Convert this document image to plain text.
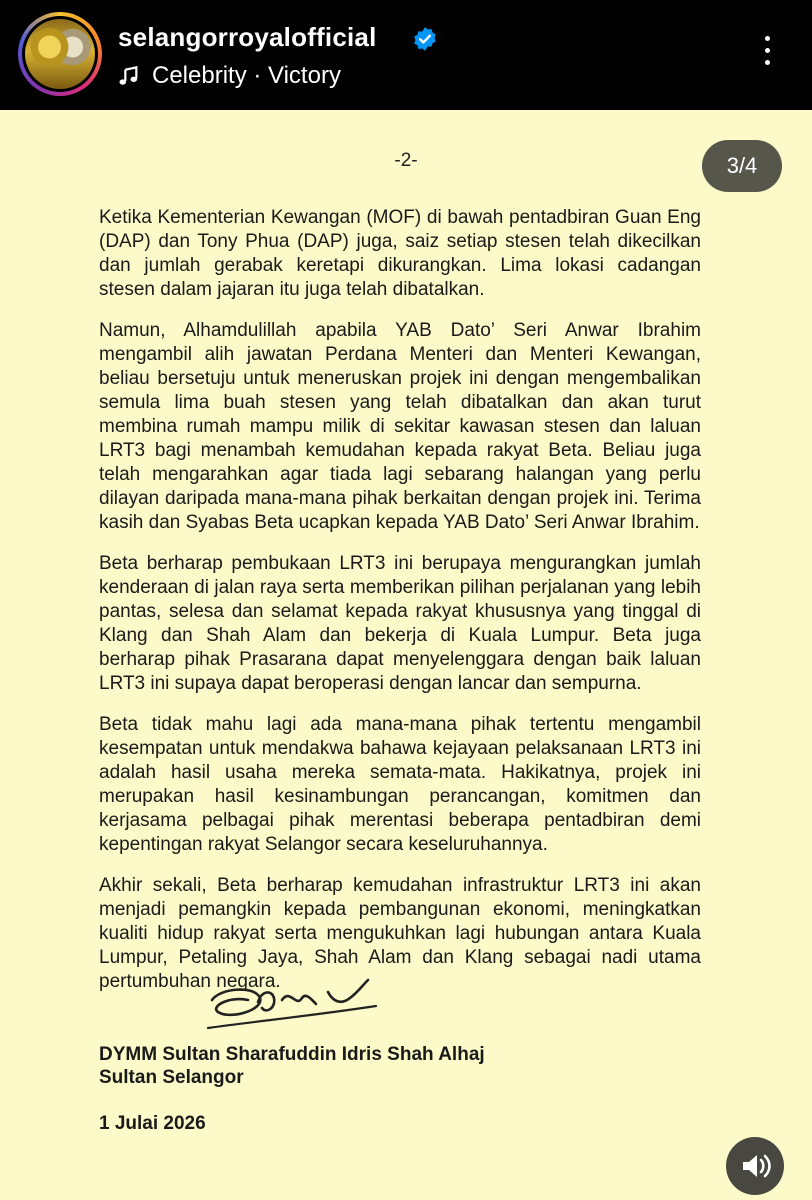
selangorroyalofficial
Celebrity · Victory
-2-	3/4

Ketika Kementerian Kewangan (MOF) di bawah pentadbiran Guan Eng (DAP) dan Tony Phua (DAP) juga, saiz setiap stesen telah dikecilkan dan jumlah gerabak keretapi dikurangkan. Lima lokasi cadangan stesen dalam jajaran itu juga telah dibatalkan.

Namun, Alhamdulillah apabila YAB Dato’ Seri Anwar Ibrahim mengambil alih jawatan Perdana Menteri dan Menteri Kewangan, beliau bersetuju untuk meneruskan projek ini dengan mengembalikan semula lima buah stesen yang telah dibatalkan dan akan turut membina rumah mampu milik di sekitar kawasan stesen dan laluan LRT3 bagi menambah kemudahan kepada rakyat Beta. Beliau juga telah mengarahkan agar tiada lagi sebarang halangan yang perlu dilayan daripada mana-mana pihak berkaitan dengan projek ini. Terima kasih dan Syabas Beta ucapkan kepada YAB Dato’ Seri Anwar Ibrahim.

Beta berharap pembukaan LRT3 ini berupaya mengurangkan jumlah kenderaan di jalan raya serta memberikan pilihan perjalanan yang lebih pantas, selesa dan selamat kepada rakyat khususnya yang tinggal di Klang dan Shah Alam dan bekerja di Kuala Lumpur. Beta juga berharap pihak Prasarana dapat menyelenggara dengan baik laluan LRT3 ini supaya dapat beroperasi dengan lancar dan sempurna.

Beta tidak mahu lagi ada mana-mana pihak tertentu mengambil kesempatan untuk mendakwa bahawa kejayaan pelaksanaan LRT3 ini adalah hasil usaha mereka semata-mata. Hakikatnya, projek ini merupakan hasil kesinambungan perancangan, komitmen dan kerjasama pelbagai pihak merentasi beberapa pentadbiran demi kepentingan rakyat Selangor secara keseluruhannya.

Akhir sekali, Beta berharap kemudahan infrastruktur LRT3 ini akan menjadi pemangkin kepada pembangunan ekonomi, meningkatkan kualiti hidup rakyat serta mengukuhkan lagi hubungan antara Kuala Lumpur, Petaling Jaya, Shah Alam dan Klang sebagai nadi utama pertumbuhan negara.

DYMM Sultan Sharafuddin Idris Shah Alhaj
Sultan Selangor
1 Julai 2026
